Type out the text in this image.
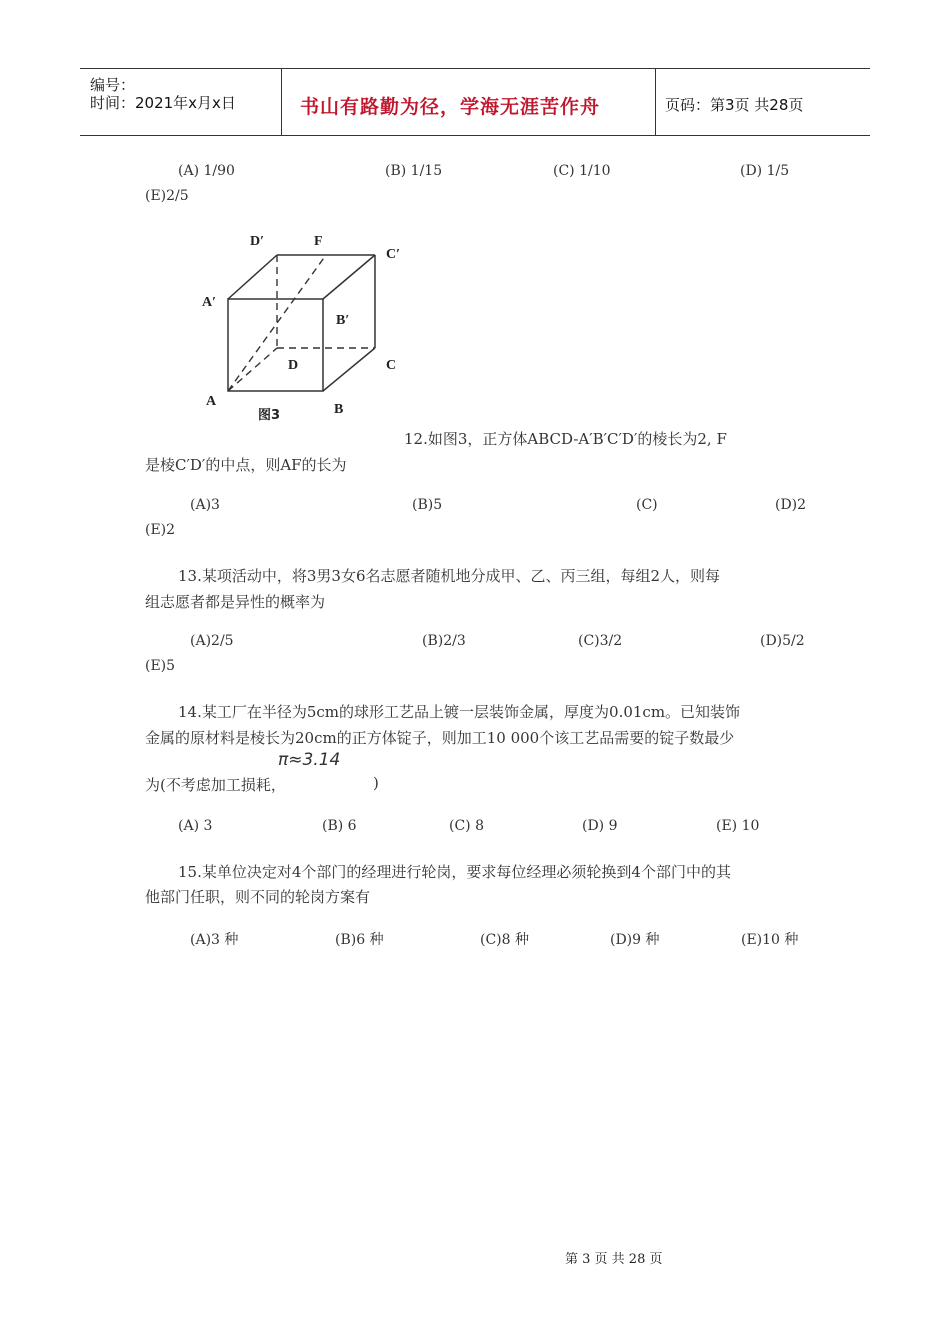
编号：
时间：2021年x月x日	书山有路勤为径，学海无涯苦作舟	页码：第3页 共28页
(A) 1/90	(B) 1/15	(C) 1/10	(D) 1/5
(E)2/5
D′	F
C′
A′
B′
D	C
A
B
图3
12.如图3，正方体ABCD-A′B′C′D′的棱长为2, F
是棱C′D′的中点，则AF的长为
(A)3	(B)5	(C)	(D)2
(E)2
13.某项活动中，将3男3女6名志愿者随机地分成甲、乙、丙三组，每组2人，则每
组志愿者都是异性的概率为
(A)2/5	(B)2/3	(C)3/2	(D)5/2
(E)5
14.某工厂在半径为5cm的球形工艺品上镀一层装饰金属，厚度为0.01cm。已知装饰
金属的原材料是棱长为20cm的正方体锭子，则加工10 000个该工艺品需要的锭子数最少
π≈3.14
为(不考虑加工损耗，	)
(A) 3	(B) 6	(C) 8	(D) 9	(E) 10
15.某单位决定对4个部门的经理进行轮岗，要求每位经理必须轮换到4个部门中的其
他部门任职，则不同的轮岗方案有
(A)3 种	(B)6 种	(C)8 种	(D)9 种	(E)10 种
第 3 页 共 28 页
